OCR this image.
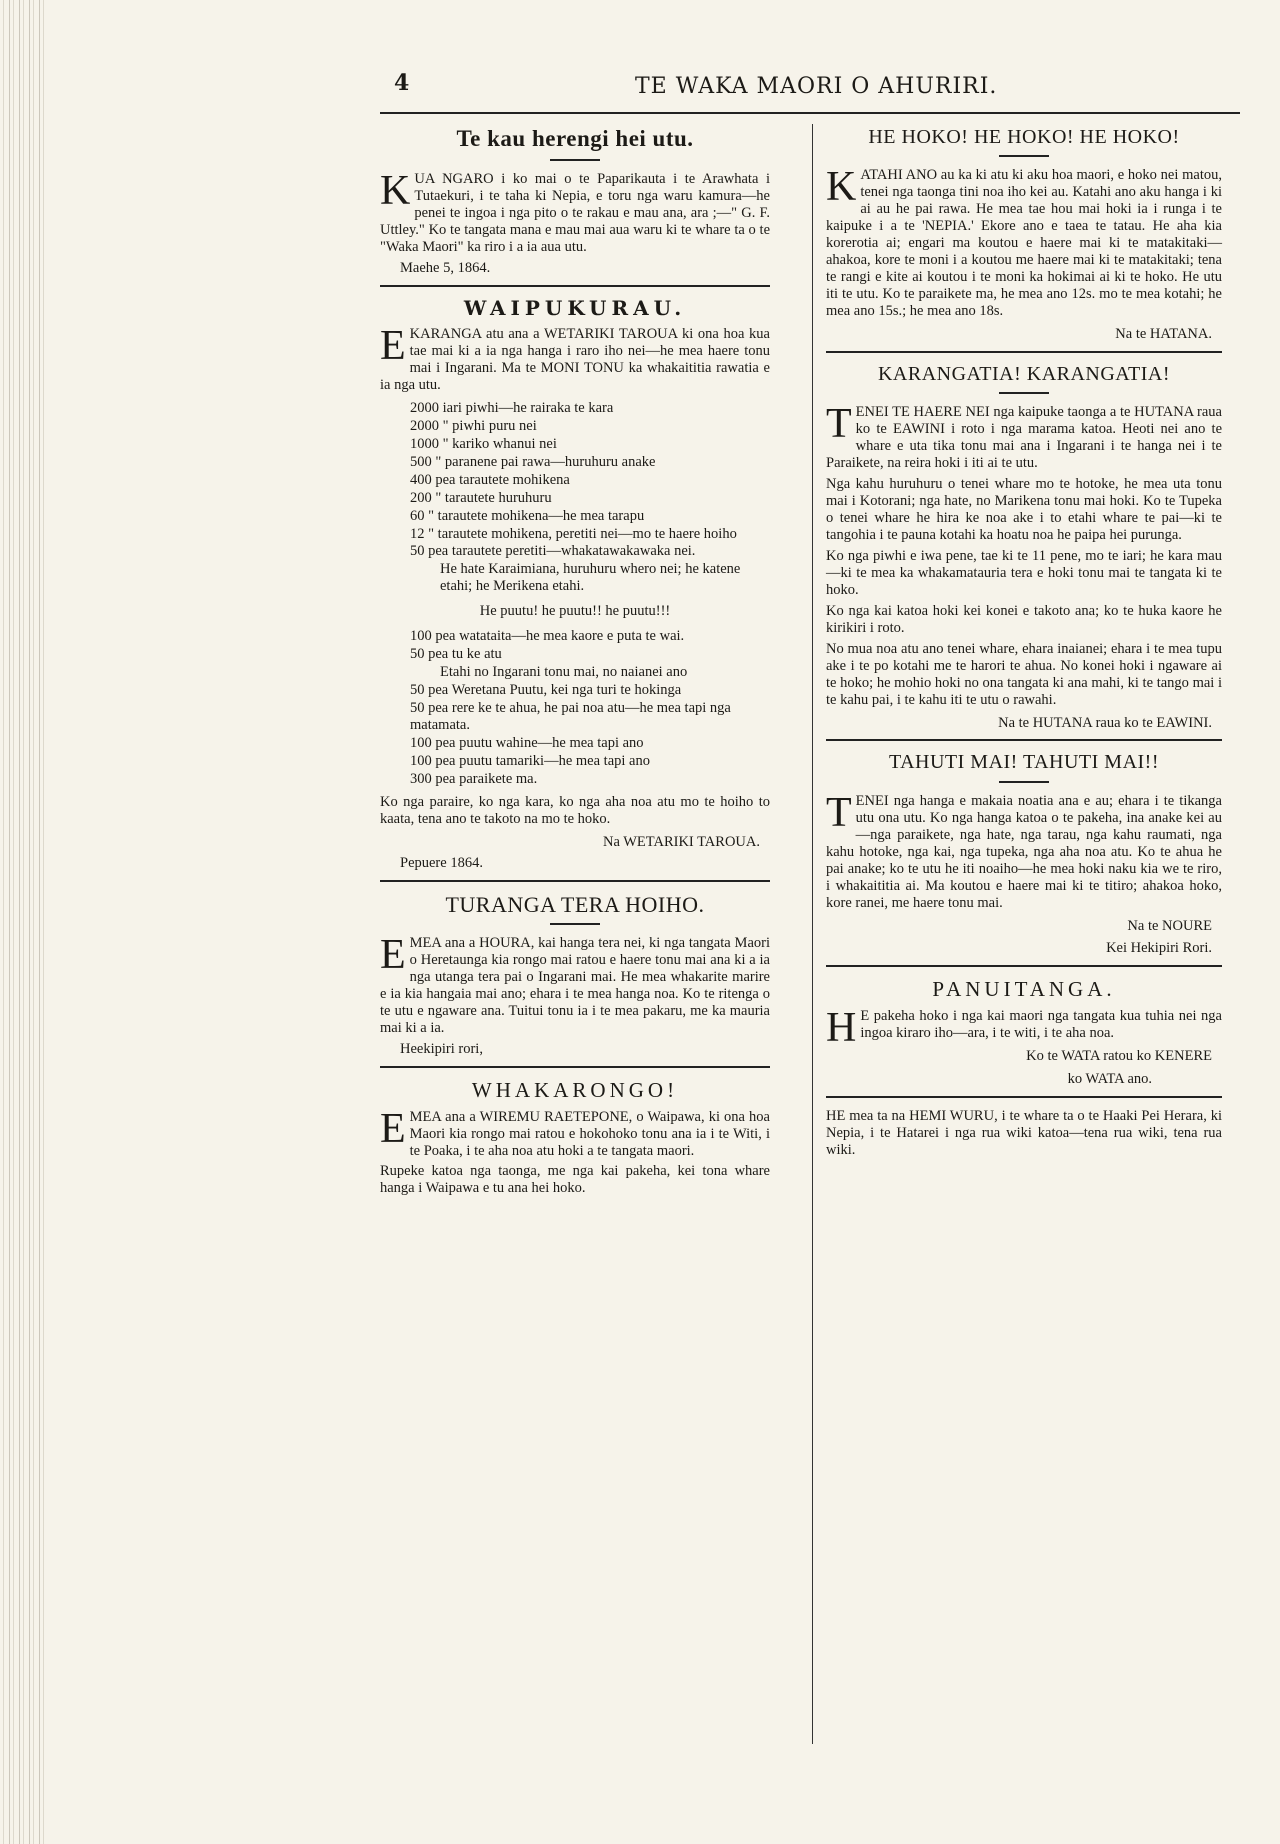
4	TE WAKA MAORI O AHURIRI.
Te kau herengi hei utu.

KUA NGARO i ko mai o te Paparikauta i te Arawhata i Tutaekuri, i te taha ki Nepia, e toru nga waru kamura—he penei te ingoa i nga pito o te rakau e mau ana, ara ;—" G. F. Uttley." Ko te tangata mana e mau mai aua waru ki te whare ta o te "Waka Maori" ka riro i a ia aua utu.

Maehe 5, 1864.
WAIPUKURAU.

EKARANGA atu ana a WETARIKI TAROUA ki ona hoa kua tae mai ki a ia nga hanga i raro iho nei—he mea haere tonu mai i Ingarani. Ma te MONI TONU ka whakaititia rawatia e ia nga utu.

2000 iari piwhi—he rairaka te kara
2000 " piwhi puru nei
1000 " kariko whanui nei
500 " paranene pai rawa—huruhuru anake
400 pea tarautete mohikena
200 " tarautete huruhuru
60 " tarautete mohikena—he mea tarapu
12 " tarautete mohikena, peretiti nei—mo te haere hoiho
50 pea tarautete peretiti—whakatawakawaka nei.
He hate Karaimiana, huruhuru whero nei; he katene etahi; he Merikena etahi.
He puutu! he puutu!! he puutu!!!
100 pea watataita—he mea kaore e puta te wai.
50 pea tu ke atu
Etahi no Ingarani tonu mai, no naianei ano
50 pea Weretana Puutu, kei nga turi te hokinga
50 pea rere ke te ahua, he pai noa atu—he mea tapi nga matamata.
100 pea puutu wahine—he mea tapi ano
100 pea puutu tamariki—he mea tapi ano
300 pea paraikete ma.

Ko nga paraire, ko nga kara, ko nga aha noa atu mo te hoiho to kaata, tena ano te takoto na mo te hoko.

Na WETARIKI TAROUA.
Pepuere 1864.
TURANGA TERA HOIHO.

EMEA ana a HOURA, kai hanga tera nei, ki nga tangata Maori o Heretaunga kia rongo mai ratou e haere tonu mai ana ki a ia nga utanga tera pai o Ingarani mai. He mea whakarite marire e ia kia hangaia mai ano; ehara i te mea hanga noa. Ko te ritenga o te utu e ngaware ana. Tuitui tonu ia i te mea pakaru, me ka mauria mai ki a ia.

Heekipiri rori,
WHAKARONGO!

EMEA ana a WIREMU RAETEPONE, o Waipawa, ki ona hoa Maori kia rongo mai ratou e hokohoko tonu ana ia i te Witi, i te Poaka, i te aha noa atu hoki a te tangata maori.

Rupeke katoa nga taonga, me nga kai pakeha, kei tona whare hanga i Waipawa e tu ana hei hoko.

HE HOKO! HE HOKO! HE HOKO!

KATAHI ANO au ka ki atu ki aku hoa maori, e hoko nei matou, tenei nga taonga tini noa iho kei au. Katahi ano aku hanga i ki ai au he pai rawa. He mea tae hou mai hoki ia i runga i te kaipuke i a te 'NEPIA.' Ekore ano e taea te tatau. He aha kia korerotia ai; engari ma koutou e haere mai ki te matakitaki—ahakoa, kore te moni i a koutou me haere mai ki te matakitaki; tena te rangi e kite ai koutou i te moni ka hokimai ai ki te hoko. He utu iti te utu. Ko te paraikete ma, he mea ano 12s. mo te mea kotahi; he mea ano 15s.; he mea ano 18s.

Na te HATANA.
KARANGATIA! KARANGATIA!

TENEI TE HAERE NEI nga kaipuke taonga a te HUTANA raua ko te EAWINI i roto i nga marama katoa. Heoti nei ano te whare e uta tika tonu mai ana i Ingarani i te hanga nei i te Paraikete, na reira hoki i iti ai te utu.

Nga kahu huruhuru o tenei whare mo te hotoke, he mea uta tonu mai i Kotorani; nga hate, no Marikena tonu mai hoki. Ko te Tupeka o tenei whare he hira ke noa ake i to etahi whare te pai—ki te tangohia i te pauna kotahi ka hoatu noa he paipa hei purunga.

Ko nga piwhi e iwa pene, tae ki te 11 pene, mo te iari; he kara mau—ki te mea ka whakamatauria tera e hoki tonu mai te tangata ki te hoko.

Ko nga kai katoa hoki kei konei e takoto ana; ko te huka kaore he kirikiri i roto.

No mua noa atu ano tenei whare, ehara inaianei; ehara i te mea tupu ake i te po kotahi me te harori te ahua. No konei hoki i ngaware ai te hoko; he mohio hoki no ona tangata ki ana mahi, ki te tango mai i te kahu pai, i te kahu iti te utu o rawahi.

Na te HUTANA raua ko te EAWINI.
TAHUTI MAI! TAHUTI MAI!!

TENEI nga hanga e makaia noatia ana e au; ehara i te tikanga utu ona utu. Ko nga hanga katoa o te pakeha, ina anake kei au—nga paraikete, nga hate, nga tarau, nga kahu raumati, nga kahu hotoke, nga kai, nga tupeka, nga aha noa atu. Ko te ahua he pai anake; ko te utu he iti noaiho—he mea hoki naku kia we te riro, i whakaititia ai. Ma koutou e haere mai ki te titiro; ahakoa hoko, kore ranei, me haere tonu mai.

Na te NOURE
Kei Hekipiri Rori.
PANUITANGA.

H E pakeha hoko i nga kai maori nga tangata kua tuhia nei nga ingoa kiraro iho—ara, i te witi, i te aha noa.

Ko te WATA ratou ko KENERE
ko WATA ano.

HE mea ta na HEMI WURU, i te whare ta o te Haaki Pei Herara, ki Nepia, i te Hatarei i nga rua wiki katoa—tena rua wiki, tena rua wiki.
